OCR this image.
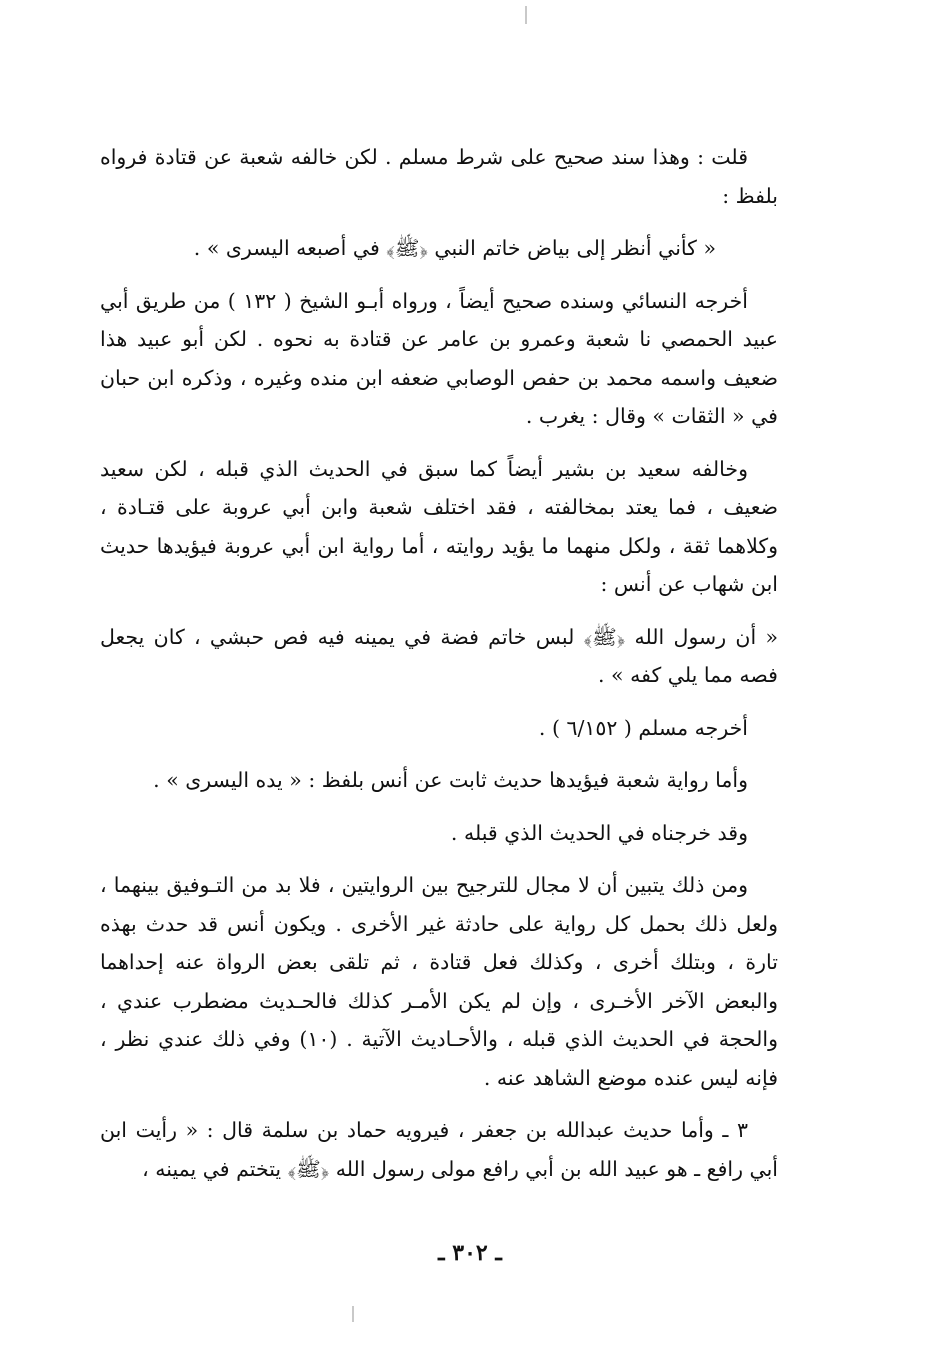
قلت : وهذا سند صحيح على شرط مسلم . لكن خالفه شعبة عن قتادة فرواه بلفظ :

« كأني أنظر إلى بياض خاتم النبي ﴿ﷺ﴾ في أصبعه اليسرى » .

أخرجه النسائي وسنده صحيح أيضاً ، ورواه أبـو الشيخ ( ١٣٢ ) من طريق أبي عبيد الحمصي نا شعبة وعمرو بن عامر عن قتادة به نحوه . لكن أبو عبيد هذا ضعيف واسمه محمد بن حفص الوصابي ضعفه ابن منده وغيره ، وذكره ابن حبان في « الثقات » وقال : يغرب .

وخالفه سعيد بن بشير أيضاً كما سبق في الحديث الذي قبله ، لكن سعيد ضعيف ، فما يعتد بمخالفته ، فقد اختلف شعبة وابن أبي عروبة على قتـادة ، وكلاهما ثقة ، ولكل منهما ما يؤيد روايته ، أما رواية ابن أبي عروبة فيؤيدها حديث ابن شهاب عن أنس :

« أن رسول الله ﴿ﷺ﴾ لبس خاتم فضة في يمينه فيه فص حبشي ، كان يجعل فصه مما يلي كفه » .

أخرجه مسلم ( ٦/١٥٢ ) .

وأما رواية شعبة فيؤيدها حديث ثابت عن أنس بلفظ : « يده اليسرى » .

وقد خرجناه في الحديث الذي قبله .

ومن ذلك يتبين أن لا مجال للترجيح بين الروايتين ، فلا بد من التـوفيق بينهما ، ولعل ذلك بحمل كل رواية على حادثة غير الأخرى . ويكون أنس قد حدث بهذه تارة ، وبتلك أخرى ، وكذلك فعل قتادة ، ثم تلقى بعض الرواة عنه إحداهما والبعض الآخر الأخـرى ، وإن لم يكن الأمـر كذلك فالحـديث مضطرب عندي ، والحجة في الحديث الذي قبله ، والأحـاديث الآتية . (١٠) وفي ذلك عندي نظر ، فإنه ليس عنده موضع الشاهد عنه .

٣ ـ وأما حديث عبدالله بن جعفر ، فيرويه حماد بن سلمة قال : « رأيت ابن أبي رافع ـ هو عبيد الله بن أبي رافع مولى رسول الله ﴿ﷺ﴾ يتختم في يمينه ،

ـ ٣٠٢ ـ
